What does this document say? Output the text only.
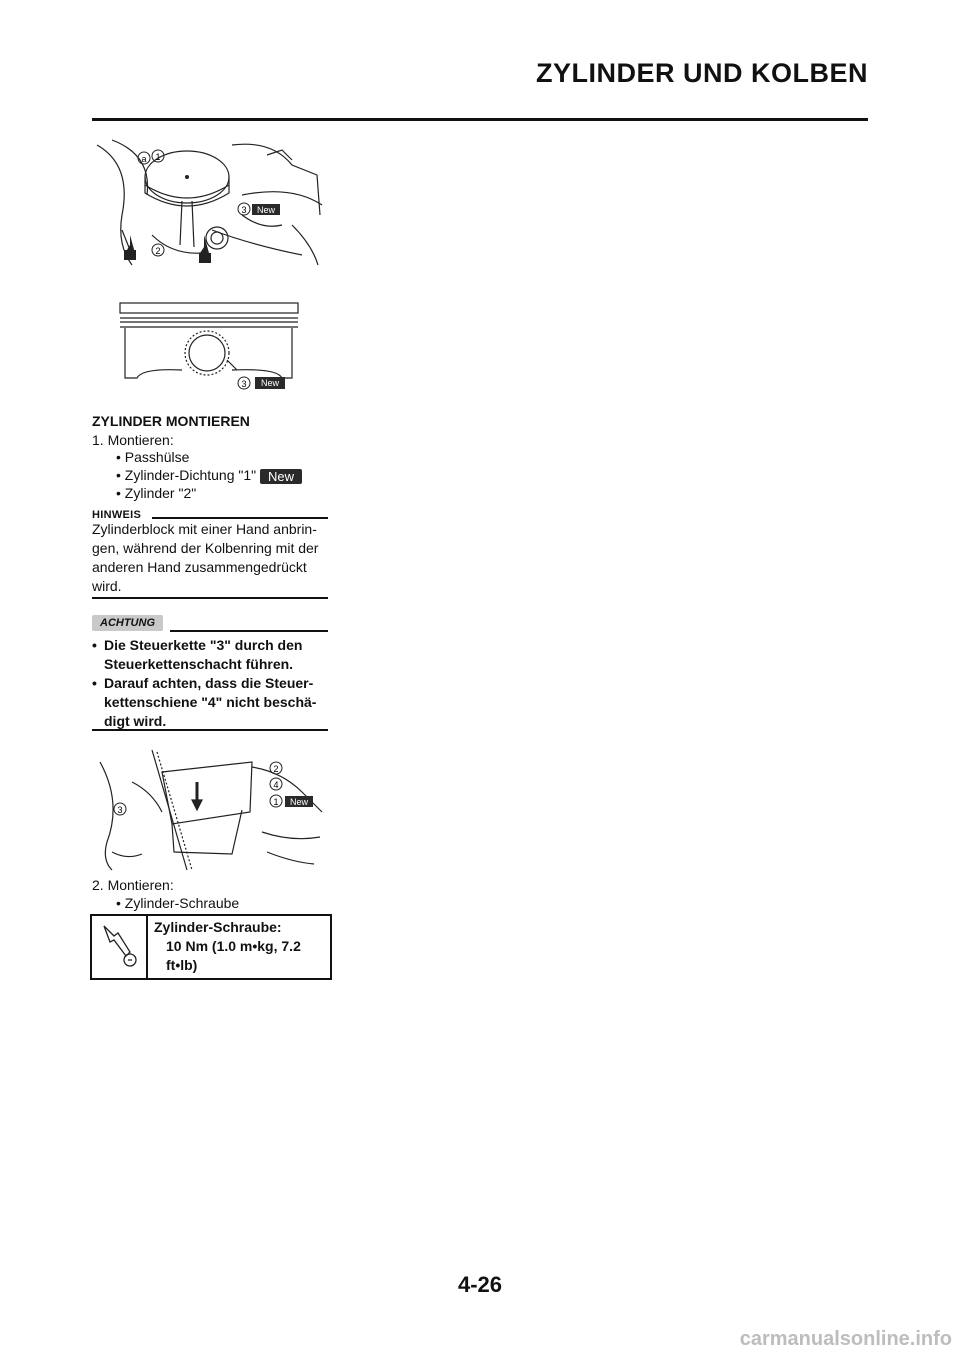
ZYLINDER UND KOLBEN
a 1
2
3 New
3 New
ZYLINDER MONTIEREN
1. Montieren:
• Passhülse
• Zylinder-Dichtung "1" New
• Zylinder "2"
HINWEIS
Zylinderblock mit einer Hand anbrin-
gen, während der Kolbenring mit der
anderen Hand zusammengedrückt
wird.
ACHTUNG
• Die Steuerkette "3" durch den
Steuerkettenschacht führen.
• Darauf achten, dass die Steuer-
kettenschiene "4" nicht beschä-
digt wird.
2
4
1 New
3
2. Montieren:
• Zylinder-Schraube
Zylinder-Schraube:
10 Nm (1.0 m•kg, 7.2
ft•lb)
4-26
carmanualsonline.info
